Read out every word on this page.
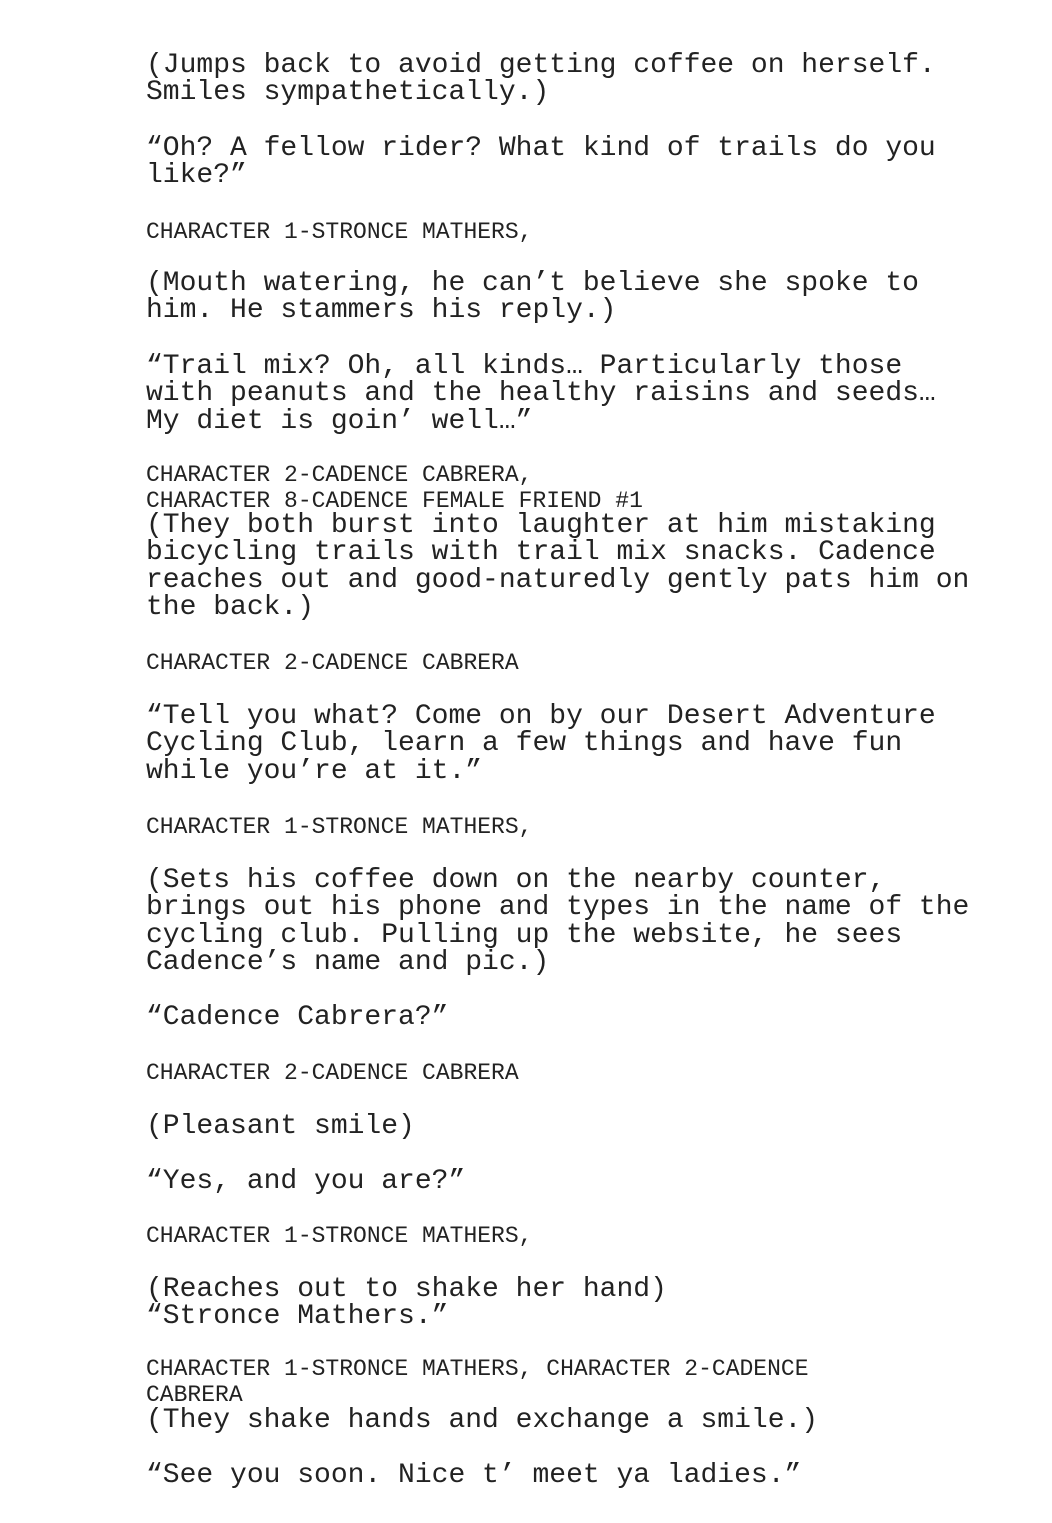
(Jumps back to avoid getting coffee on herself.
Smiles sympathetically.)

“Oh? A fellow rider? What kind of trails do you
like?”

CHARACTER 1-STRONCE MATHERS,

(Mouth watering, he can’t believe she spoke to
him. He stammers his reply.)

“Trail mix? Oh, all kinds… Particularly those
with peanuts and the healthy raisins and seeds…
My diet is goin’ well…”

CHARACTER 2-CADENCE CABRERA,
CHARACTER 8-CADENCE FEMALE FRIEND #1

(They both burst into laughter at him mistaking
bicycling trails with trail mix snacks. Cadence
reaches out and good-naturedly gently pats him on
the back.)

CHARACTER 2-CADENCE CABRERA

“Tell you what? Come on by our Desert Adventure
Cycling Club, learn a few things and have fun
while you’re at it.”

CHARACTER 1-STRONCE MATHERS,

(Sets his coffee down on the nearby counter,
brings out his phone and types in the name of the
cycling club. Pulling up the website, he sees
Cadence’s name and pic.)

“Cadence Cabrera?”

CHARACTER 2-CADENCE CABRERA

(Pleasant smile)

“Yes, and you are?”

CHARACTER 1-STRONCE MATHERS,

(Reaches out to shake her hand)
“Stronce Mathers.”

CHARACTER 1-STRONCE MATHERS, CHARACTER 2-CADENCE
CABRERA

(They shake hands and exchange a smile.)

“See you soon. Nice t’ meet ya ladies.”
